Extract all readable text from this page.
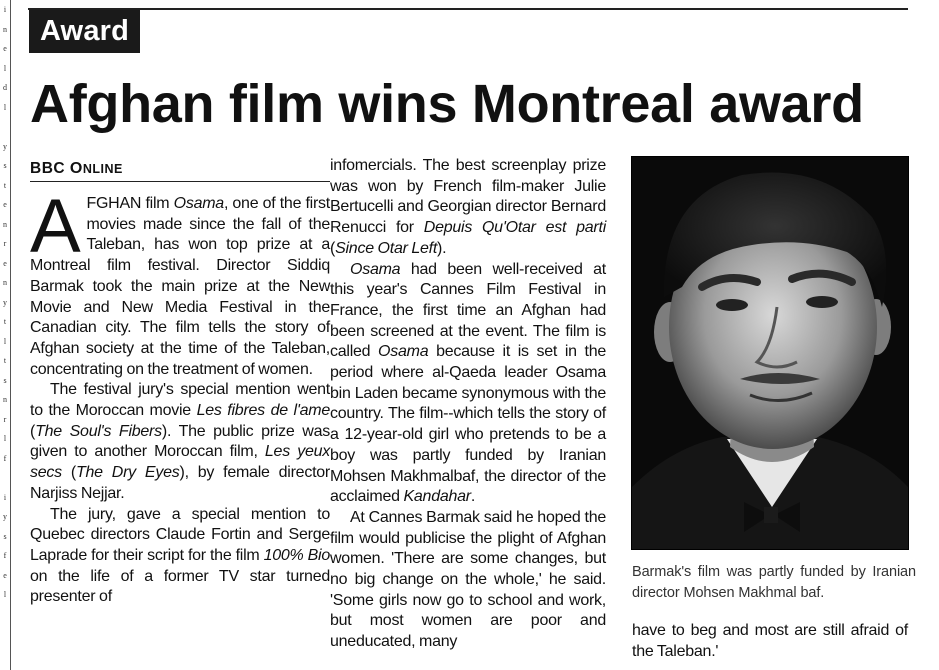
i
n
e
l
d
l

y
s
t
e
n
r
e
n
y
t
l
t
s
n
r
l
f

i
y
s
f
e
l
Award
Afghan film wins Montreal award
BBC ONLINE

AFGHAN film Osama, one of the first movies made since the fall of the Taleban, has won top prize at a Montreal film festival. Director Siddiq Barmak took the main prize at the New Movie and New Media Festival in the Canadian city. The film tells the story of Afghan society at the time of the Taleban, concentrating on the treatment of women.

The festival jury's special mention went to the Moroccan movie Les fibres de l'ame (The Soul's Fibers). The public prize was given to another Moroccan film, Les yeux secs (The Dry Eyes), by female director Narjiss Nejjar.

The jury, gave a special mention to Quebec directors Claude Fortin and Serge Laprade for their script for the film 100% Bio on the life of a former TV star turned presenter of

infomercials. The best screenplay prize was won by French film-maker Julie Bertucelli and Georgian director Bernard Renucci for Depuis Qu'Otar est parti (Since Otar Left).

Osama had been well-received at this year's Cannes Film Festival in France, the first time an Afghan had been screened at the event. The film is called Osama because it is set in the period where al-Qaeda leader Osama bin Laden became synonymous with the country. The film--which tells the story of a 12-year-old girl who pretends to be a boy was partly funded by Iranian Mohsen Makhmalbaf, the director of the acclaimed Kandahar.

At Cannes Barmak said he hoped the film would publicise the plight of Afghan women. 'There are some changes, but no big change on the whole,' he said. 'Some girls now go to school and work, but most women are poor and uneducated, many

Barmak's film was partly funded by Iranian director Mohsen Makhmal baf.

have to beg and most are still afraid of the Taleban.'
